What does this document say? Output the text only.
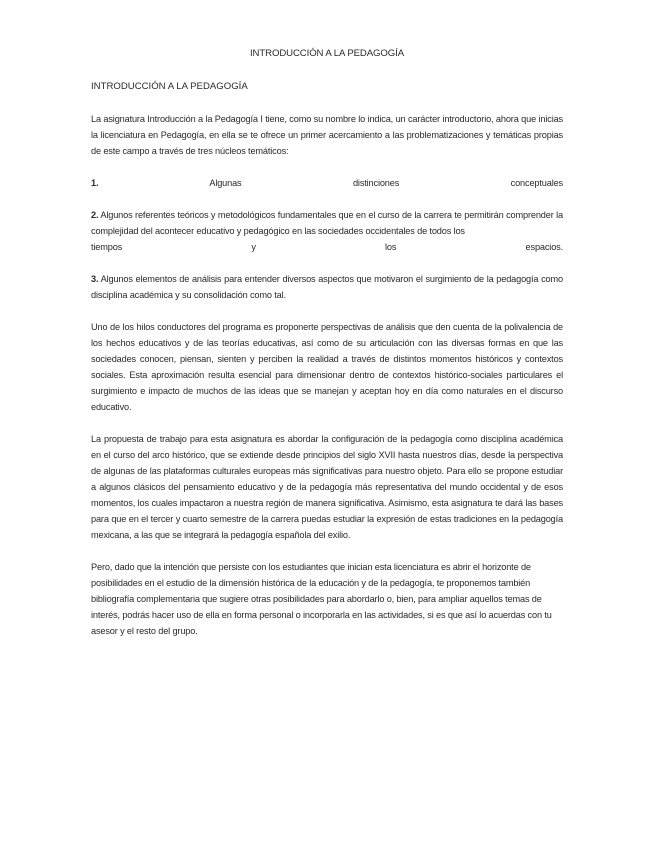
INTRODUCCIÓN A LA PEDAGOGÍA
INTRODUCCIÓN A LA PEDAGOGÍA

La asignatura Introducción a la Pedagogía I tiene, como su nombre lo indica, un carácter introductorio, ahora que inicias la licenciatura en Pedagogía, en ella se te ofrece un primer acercamiento a las problematizaciones y temáticas propias de este campo a través de tres núcleos temáticos:

1.	Algunas distinciones conceptuales

2. Algunos referentes teóricos y metodológicos fundamentales que en el curso de la carrera te permitirán comprender la complejidad del acontecer educativo y pedagógico en las sociedades occidentales de todos los
tiempos y los espacios.

3. Algunos elementos de análisis para entender diversos aspectos que motivaron el surgimiento de la pedagogía como disciplina académica y su consolidación como tal.

Uno de los hilos conductores del programa es proponerte perspectivas de análisis que den cuenta de la polivalencia de los hechos educativos y de las teorías educativas, así como de su articulación con las diversas formas en que las sociedades conocen, piensan, sienten y perciben la realidad a través de distintos momentos históricos y contextos sociales. Esta aproximación resulta esencial para dimensionar dentro de contextos histórico-sociales particulares el surgimiento e impacto de muchos de las ideas que se manejan y aceptan hoy en día como naturales en el discurso educativo.

La propuesta de trabajo para esta asignatura es abordar la configuración de la pedagogía como disciplina académica en el curso del arco histórico, que se extiende desde principios del siglo XVII hasta nuestros días, desde la perspectiva de algunas de las plataformas culturales europeas más significativas para nuestro objeto. Para ello se propone estudiar a algunos clásicos del pensamiento educativo y de la pedagogía más representativa del mundo occidental y de esos momentos, los cuales impactaron a nuestra región de manera significativa. Asimismo, esta asignatura te dará las bases para que en el tercer y cuarto semestre de la carrera puedas estudiar la expresión de estas tradiciones en la pedagogía mexicana, a las que se integrará la pedagogía española del exilio.

Pero, dado que la intención que persiste con los estudiantes que inician esta licenciatura es abrir el horizonte de posibilidades en el estudio de la dimensión histórica de la educación y de la pedagogía, te proponemos también bibliografía complementaria que sugiere otras posibilidades para abordarlo o, bien, para ampliar aquellos temas de interés, podrás hacer uso de ella en forma personal o incorporarla en las actividades, si es que así lo acuerdas con tu asesor y el resto del grupo.
